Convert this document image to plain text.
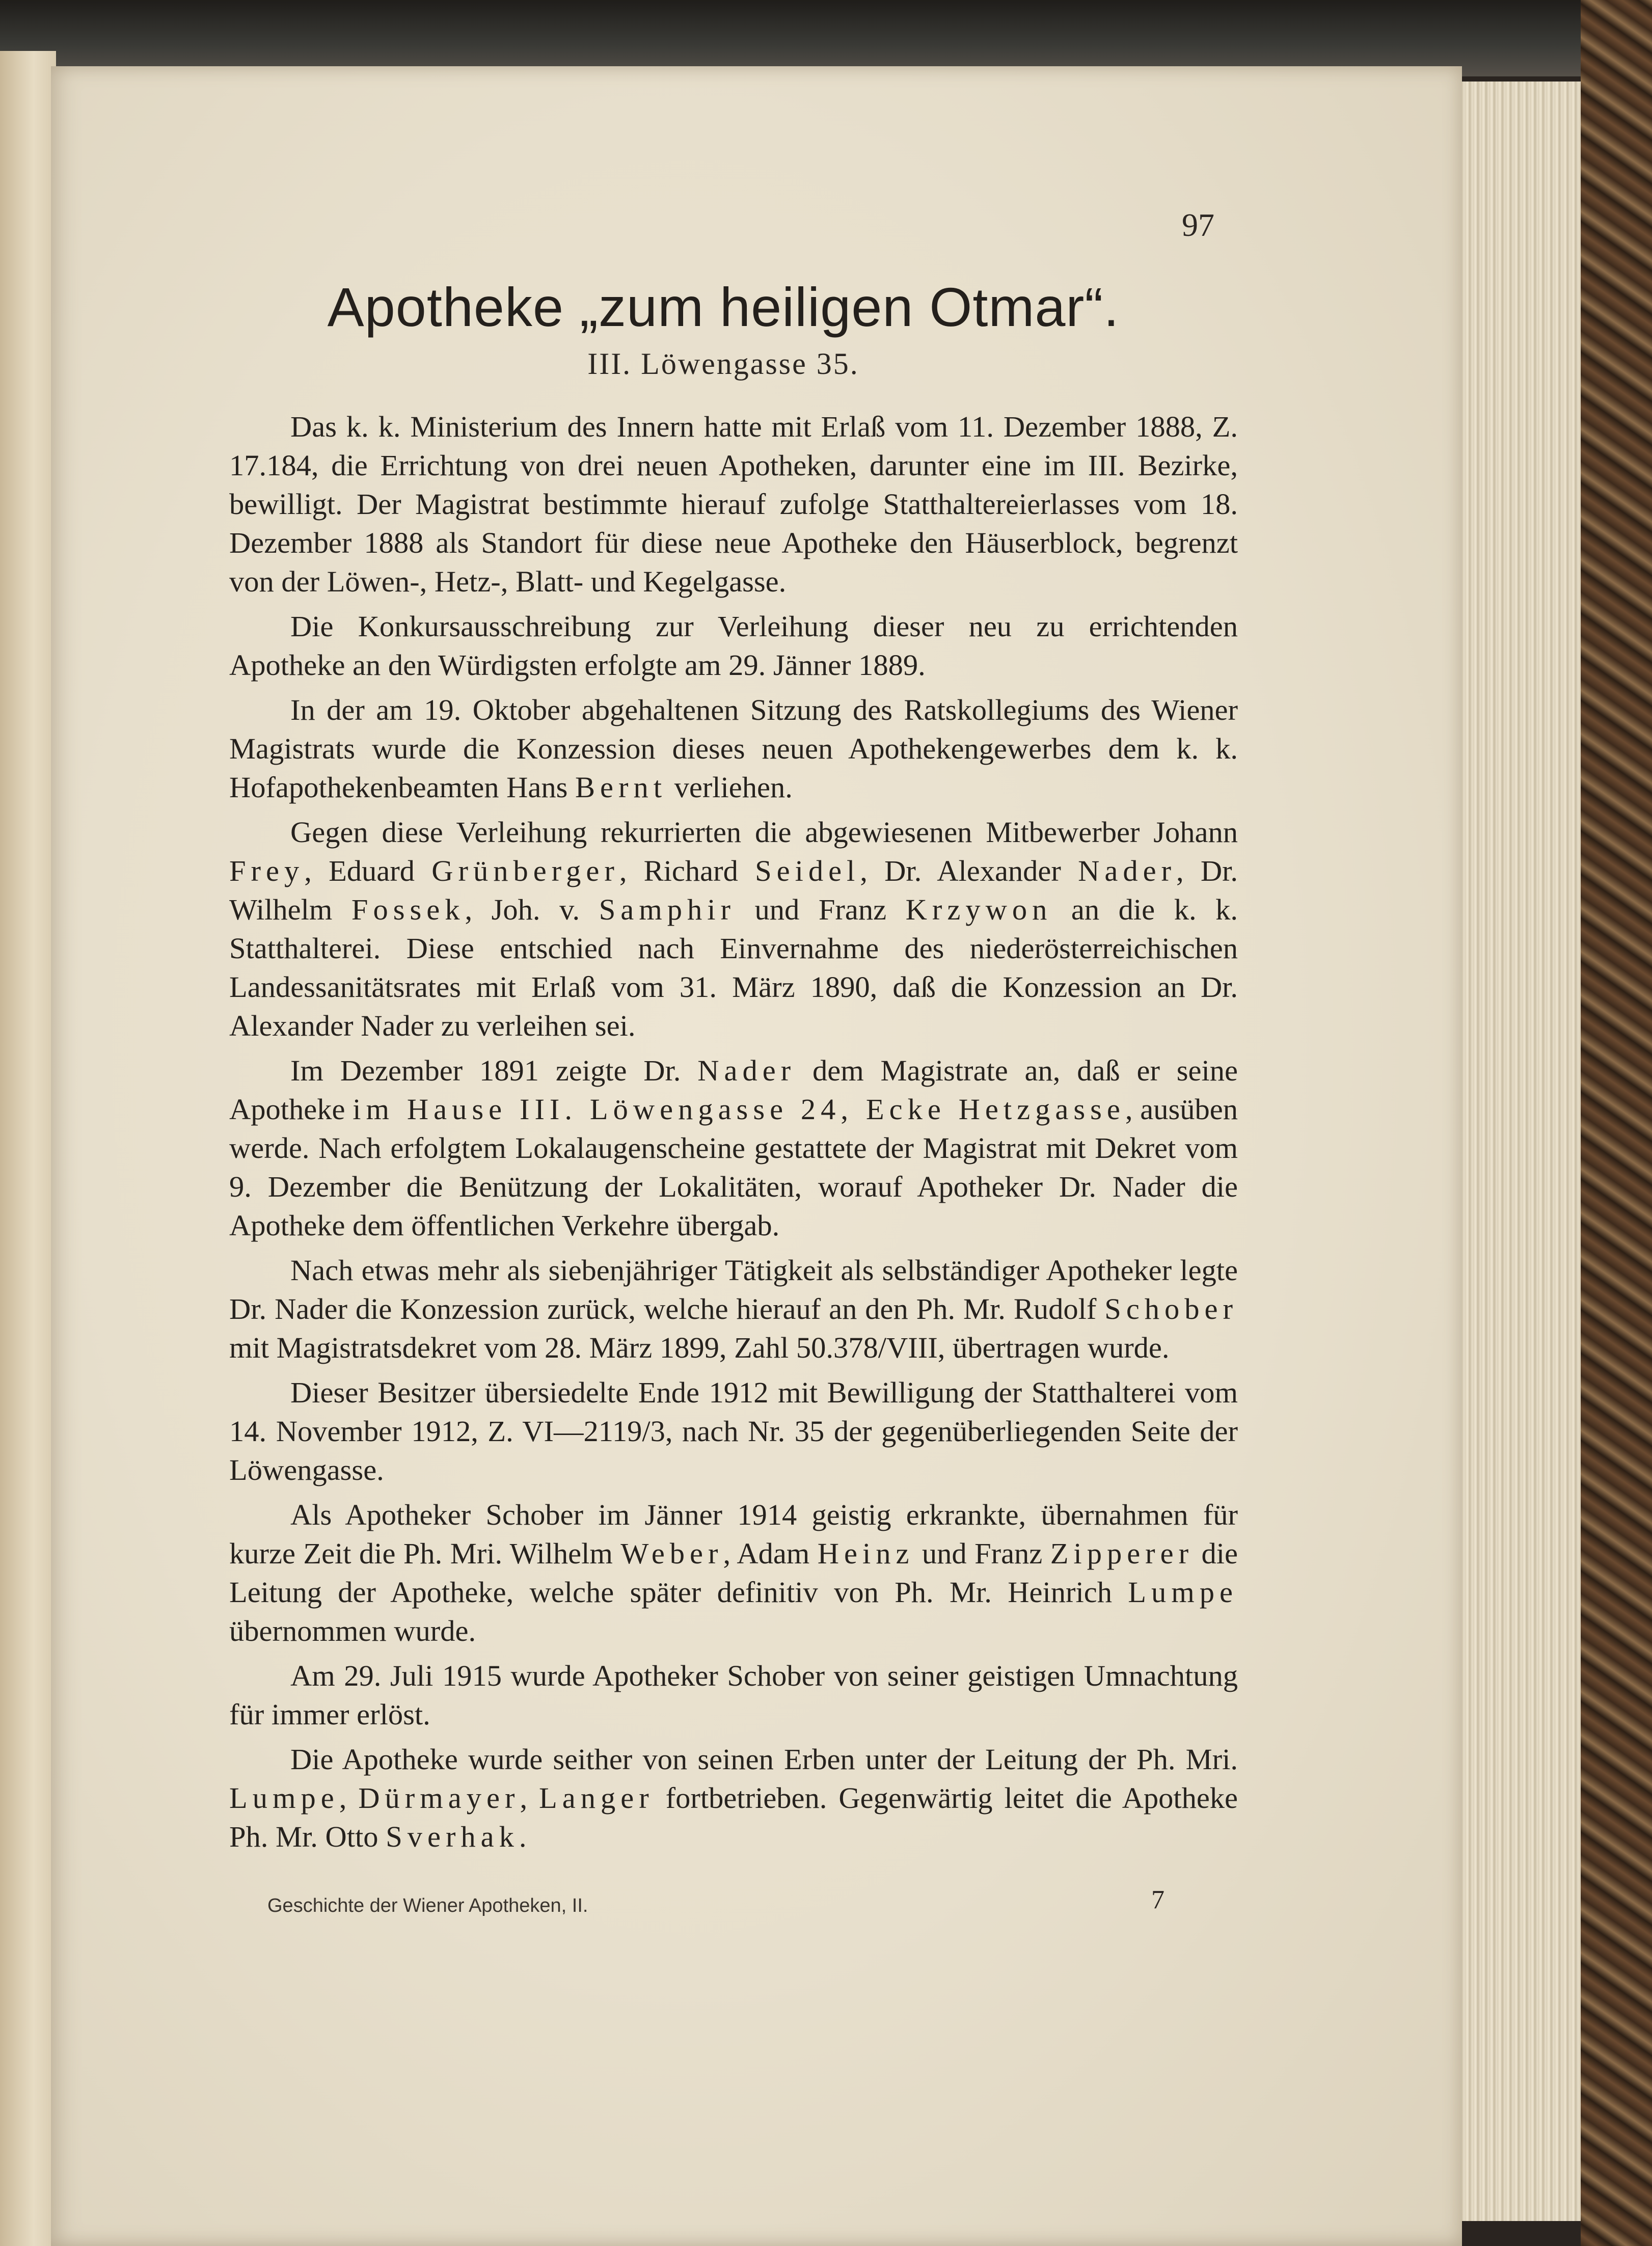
97
Apotheke „zum heiligen Otmar“.
III. Löwengasse 35.

Das k. k. Ministerium des Innern hatte mit Erlaß vom 11. Dezember 1888, Z. 17.184, die Errichtung von drei neuen Apotheken, darunter eine im III. Bezirke, bewilligt. Der Magistrat bestimmte hierauf zufolge Statthaltereierlasses vom 18. Dezember 1888 als Standort für diese neue Apotheke den Häuserblock, begrenzt von der Löwen-, Hetz-, Blatt- und Kegelgasse.

Die Konkursausschreibung zur Verleihung dieser neu zu errichtenden Apotheke an den Würdigsten erfolgte am 29. Jänner 1889.

In der am 19. Oktober abgehaltenen Sitzung des Ratskollegiums des Wiener Magistrats wurde die Konzession dieses neuen Apothekengewerbes dem k. k. Hofapothekenbeamten Hans Bernt verliehen.

Gegen diese Verleihung rekurrierten die abgewiesenen Mitbewerber Johann Frey, Eduard Grünberger, Richard Seidel, Dr. Alexander Nader, Dr. Wilhelm Fossek, Joh. v. Samphir und Franz Krzywon an die k. k. Statthalterei. Diese entschied nach Einvernahme des niederösterreichischen Landessanitätsrates mit Erlaß vom 31. März 1890, daß die Konzession an Dr. Alexander Nader zu verleihen sei.

Im Dezember 1891 zeigte Dr. Nader dem Magistrate an, daß er seine Apotheke im Hause III. Löwengasse 24, Ecke Hetzgasse, ausüben werde. Nach erfolgtem Lokalaugenscheine gestattete der Magistrat mit Dekret vom 9. Dezember die Benützung der Lokalitäten, worauf Apotheker Dr. Nader die Apotheke dem öffentlichen Verkehre übergab.

Nach etwas mehr als siebenjähriger Tätigkeit als selbständiger Apotheker legte Dr. Nader die Konzession zurück, welche hierauf an den Ph. Mr. Rudolf Schober mit Magistratsdekret vom 28. März 1899, Zahl 50.378/VIII, übertragen wurde.

Dieser Besitzer übersiedelte Ende 1912 mit Bewilligung der Statthalterei vom 14. November 1912, Z. VI—2119/3, nach Nr. 35 der gegenüberliegenden Seite der Löwengasse.

Als Apotheker Schober im Jänner 1914 geistig erkrankte, übernahmen für kurze Zeit die Ph. Mri. Wilhelm Weber, Adam Heinz und Franz Zipperer die Leitung der Apotheke, welche später definitiv von Ph. Mr. Heinrich Lumpe übernommen wurde.

Am 29. Juli 1915 wurde Apotheker Schober von seiner geistigen Umnachtung für immer erlöst.

Die Apotheke wurde seither von seinen Erben unter der Leitung der Ph. Mri. Lumpe, Dürmayer, Langer fortbetrieben. Gegenwärtig leitet die Apotheke Ph. Mr. Otto Sverhak.

Geschichte der Wiener Apotheken, II.	7
